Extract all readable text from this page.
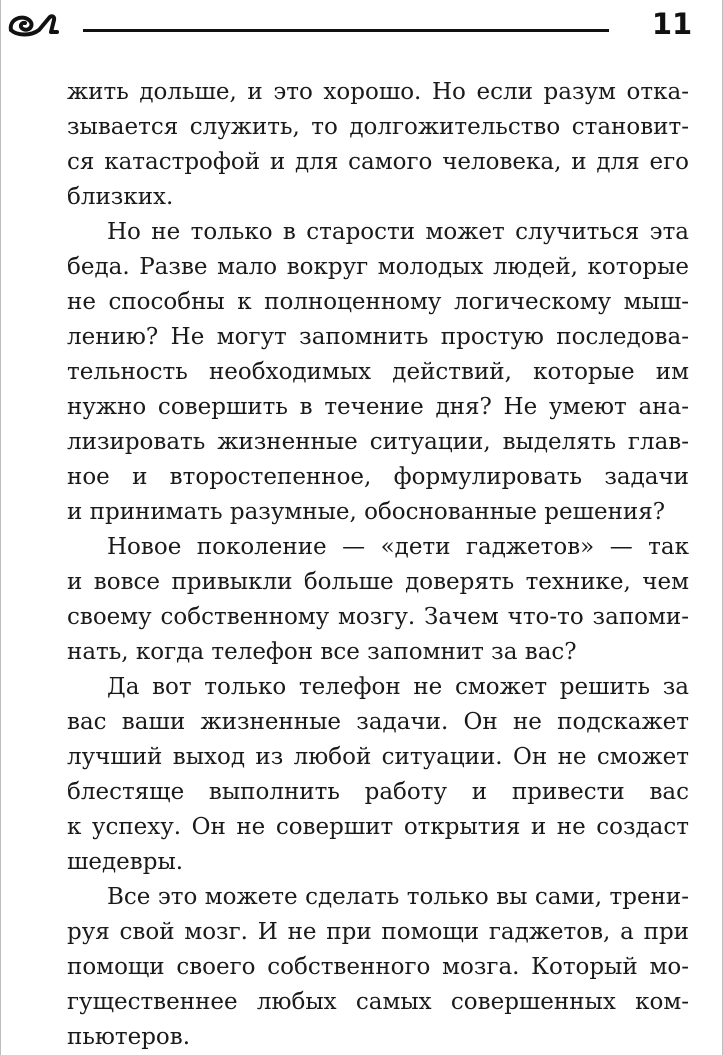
11
жить дольше, и это хорошо. Но если разум отка-
зывается служить, то долгожительство становит-
ся катастрофой и для самого человека, и для его
близких.
Но не только в старости может случиться эта
беда. Разве мало вокруг молодых людей, которые
не способны к полноценному логическому мыш-
лению? Не могут запомнить простую последова-
тельность необходимых действий, которые им
нужно совершить в течение дня? Не умеют ана-
лизировать жизненные ситуации, выделять глав-
ное и второстепенное, формулировать задачи
и принимать разумные, обоснованные решения?
Новое поколение — «дети гаджетов» — так
и вовсе привыкли больше доверять технике, чем
своему собственному мозгу. Зачем что-то запоми-
нать, когда телефон все запомнит за вас?
Да вот только телефон не сможет решить за
вас ваши жизненные задачи. Он не подскажет
лучший выход из любой ситуации. Он не сможет
блестяще выполнить работу и привести вас
к успеху. Он не совершит открытия и не создаст
шедевры.
Все это можете сделать только вы сами, трени-
руя свой мозг. И не при помощи гаджетов, а при
помощи своего собственного мозга. Который мо-
гущественнее любых самых совершенных ком-
пьютеров.
